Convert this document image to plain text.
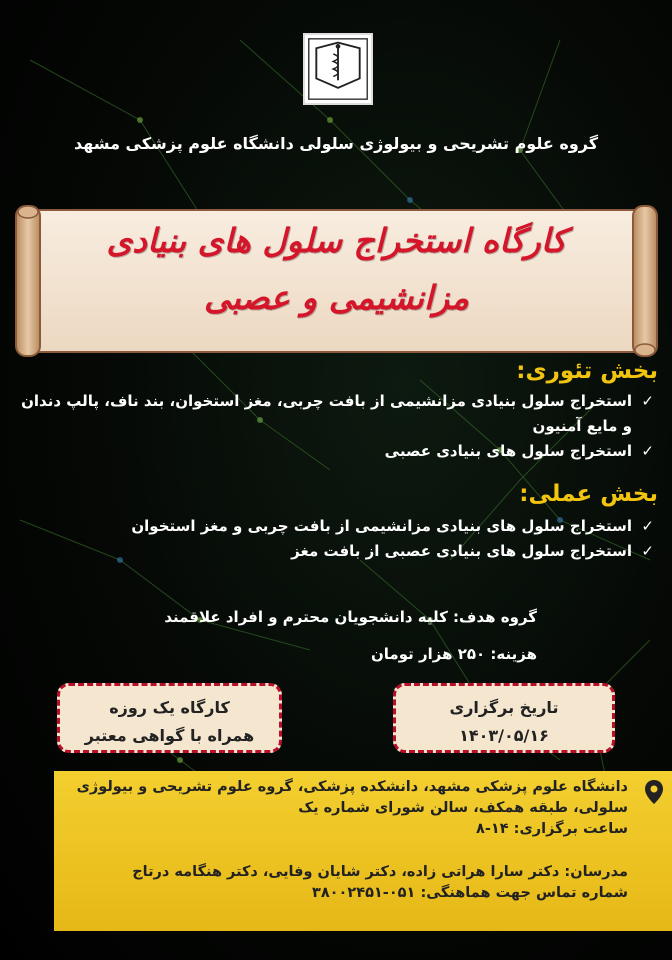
گروه علوم تشریحی و بیولوژی سلولی دانشگاه علوم پزشکی مشهد
کارگاه استخراج سلول های بنیادی
مزانشیمی و عصبی
بخش تئوری:
✓
استخراج سلول بنیادی مزانشیمی از بافت چربی، مغز استخوان، بند ناف، پالپ دندان و مایع آمنیون
✓
استخراج سلول های بنیادی عصبی
بخش عملی:
✓
استخراج سلول های بنیادی مزانشیمی از بافت چربی و مغز استخوان
✓
استخراج سلول های بنیادی عصبی از بافت مغز
گروه هدف: کلیه دانشجویان محترم و افراد علاقمند
هزینه: ۲۵۰ هزار تومان
تاریخ برگزاری
۱۴۰۳/۰۵/۱۶
کارگاه یک روزه
همراه با گواهی معتبر

دانشگاه علوم پزشکی مشهد، دانشکده پزشکی، گروه علوم تشریحی و بیولوژی سلولی، طبقه همکف، سالن شورای شماره یک

ساعت برگزاری: ۱۴-۸

مدرسان: دکتر سارا هراتی زاده، دکتر شایان وفایی، دکتر هنگامه درتاج

شماره تماس جهت هماهنگی: ۰۵۱-۳۸۰۰۲۴۵۱
